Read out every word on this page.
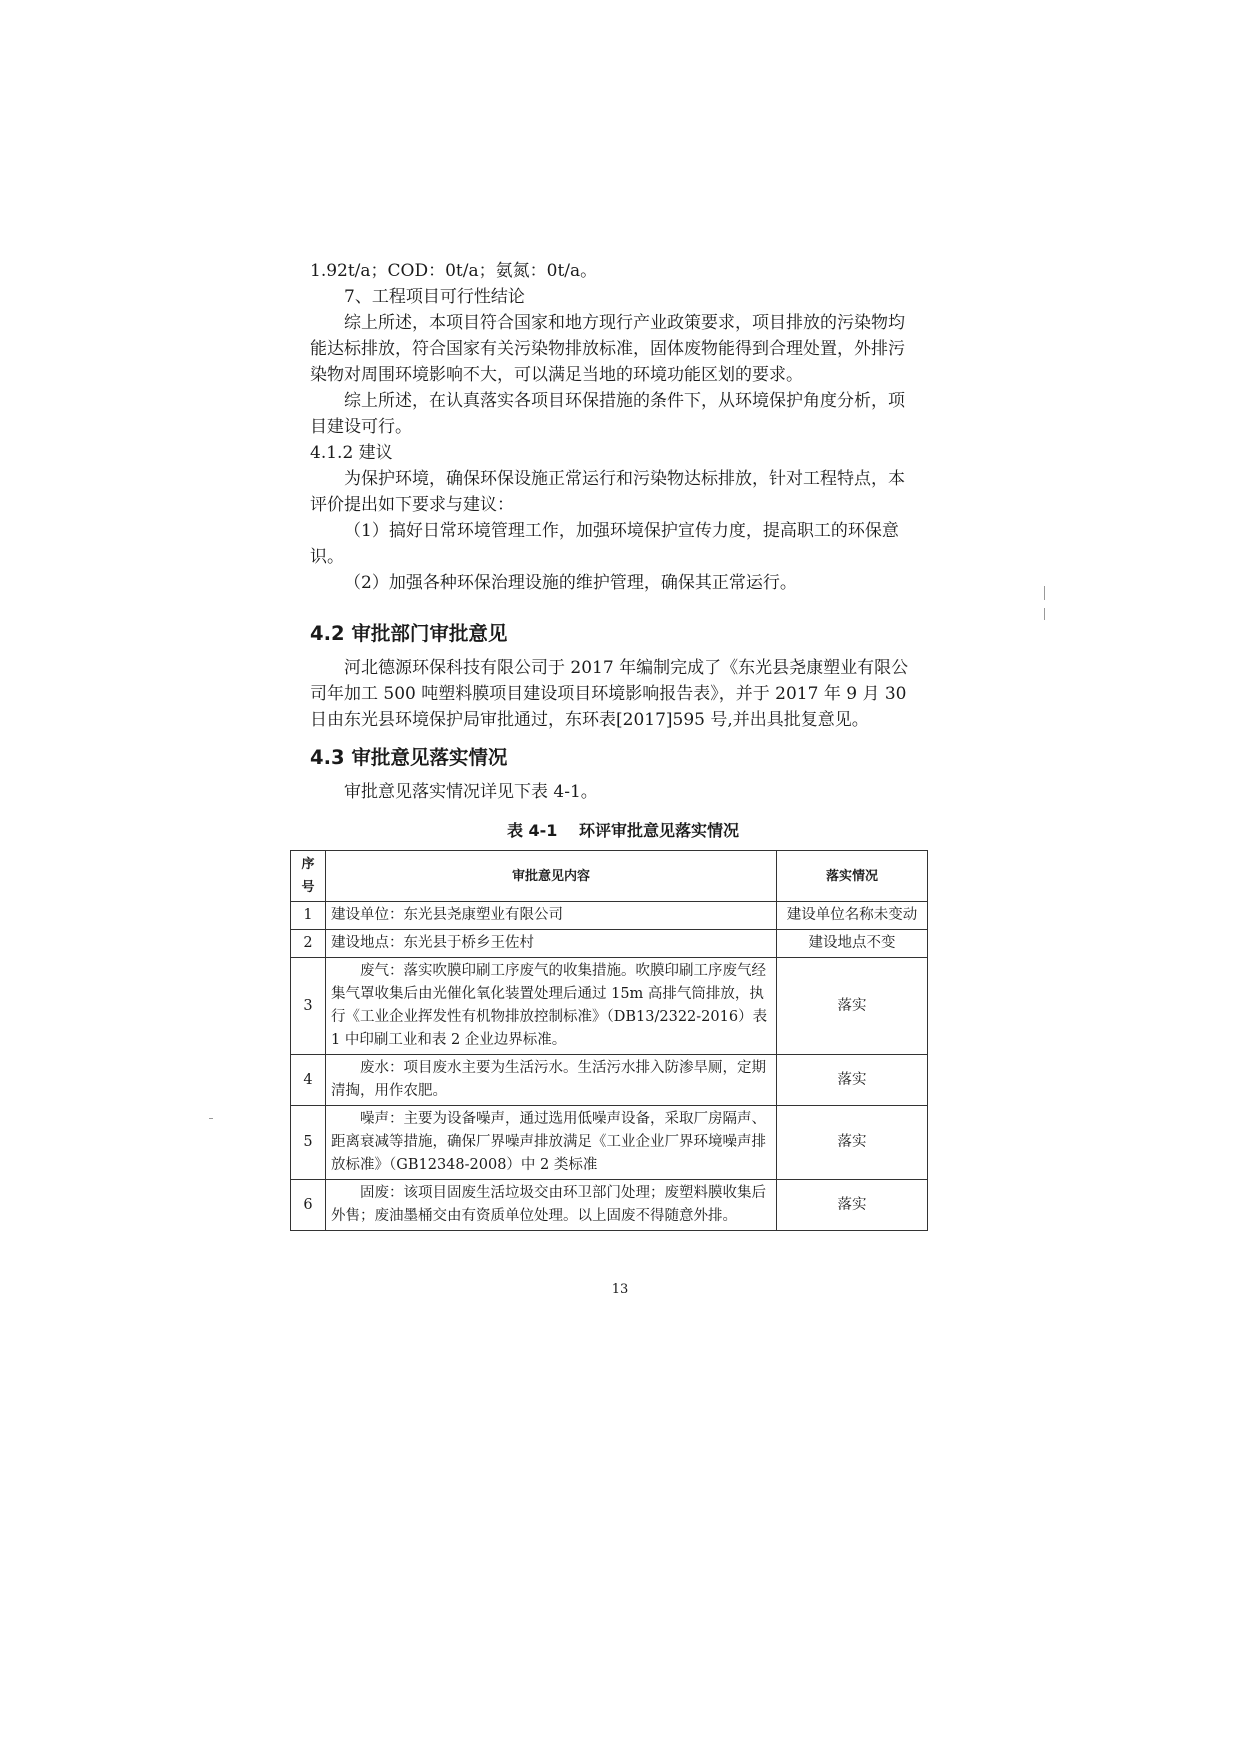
1.92t/a；COD：0t/a；氨氮：0t/a。
7、工程项目可行性结论
综上所述，本项目符合国家和地方现行产业政策要求，项目排放的污染物均
能达标排放，符合国家有关污染物排放标准，固体废物能得到合理处置，外排污
染物对周围环境影响不大，可以满足当地的环境功能区划的要求。
综上所述，在认真落实各项目环保措施的条件下，从环境保护角度分析，项
目建设可行。
4.1.2 建议
为保护环境，确保环保设施正常运行和污染物达标排放，针对工程特点，本
评价提出如下要求与建议：
（1）搞好日常环境管理工作，加强环境保护宣传力度，提高职工的环保意
识。
（2）加强各种环保治理设施的维护管理，确保其正常运行。
4.2 审批部门审批意见
河北德源环保科技有限公司于 2017 年编制完成了《东光县尧康塑业有限公
司年加工 500 吨塑料膜项目建设项目环境影响报告表》，并于 2017 年 9 月 30
日由东光县环境保护局审批通过，东环表[2017]595 号,并出具批复意见。
4.3 审批意见落实情况
审批意见落实情况详见下表 4-1。
表 4-1 环评审批意见落实情况
序号	审批意见内容	落实情况
1	建设单位：东光县尧康塑业有限公司	建设单位名称未变动
2	建设地点：东光县于桥乡王佐村	建设地点不变
3	废气：落实吹膜印刷工序废气的收集措施。吹膜印刷工序废气经集气罩收集后由光催化氧化装置处理后通过 15m 高排气筒排放，执行《工业企业挥发性有机物排放控制标准》（DB13/2322-2016）表 1 中印刷工业和表 2 企业边界标准。	落实
4	废水：项目废水主要为生活污水。生活污水排入防渗旱厕，定期清掏，用作农肥。	落实
5	噪声：主要为设备噪声，通过选用低噪声设备，采取厂房隔声、距离衰减等措施，确保厂界噪声排放满足《工业企业厂界环境噪声排放标准》（GB12348-2008）中 2 类标准	落实
6	固废：该项目固废生活垃圾交由环卫部门处理；废塑料膜收集后外售；废油墨桶交由有资质单位处理。以上固废不得随意外排。	落实
13
